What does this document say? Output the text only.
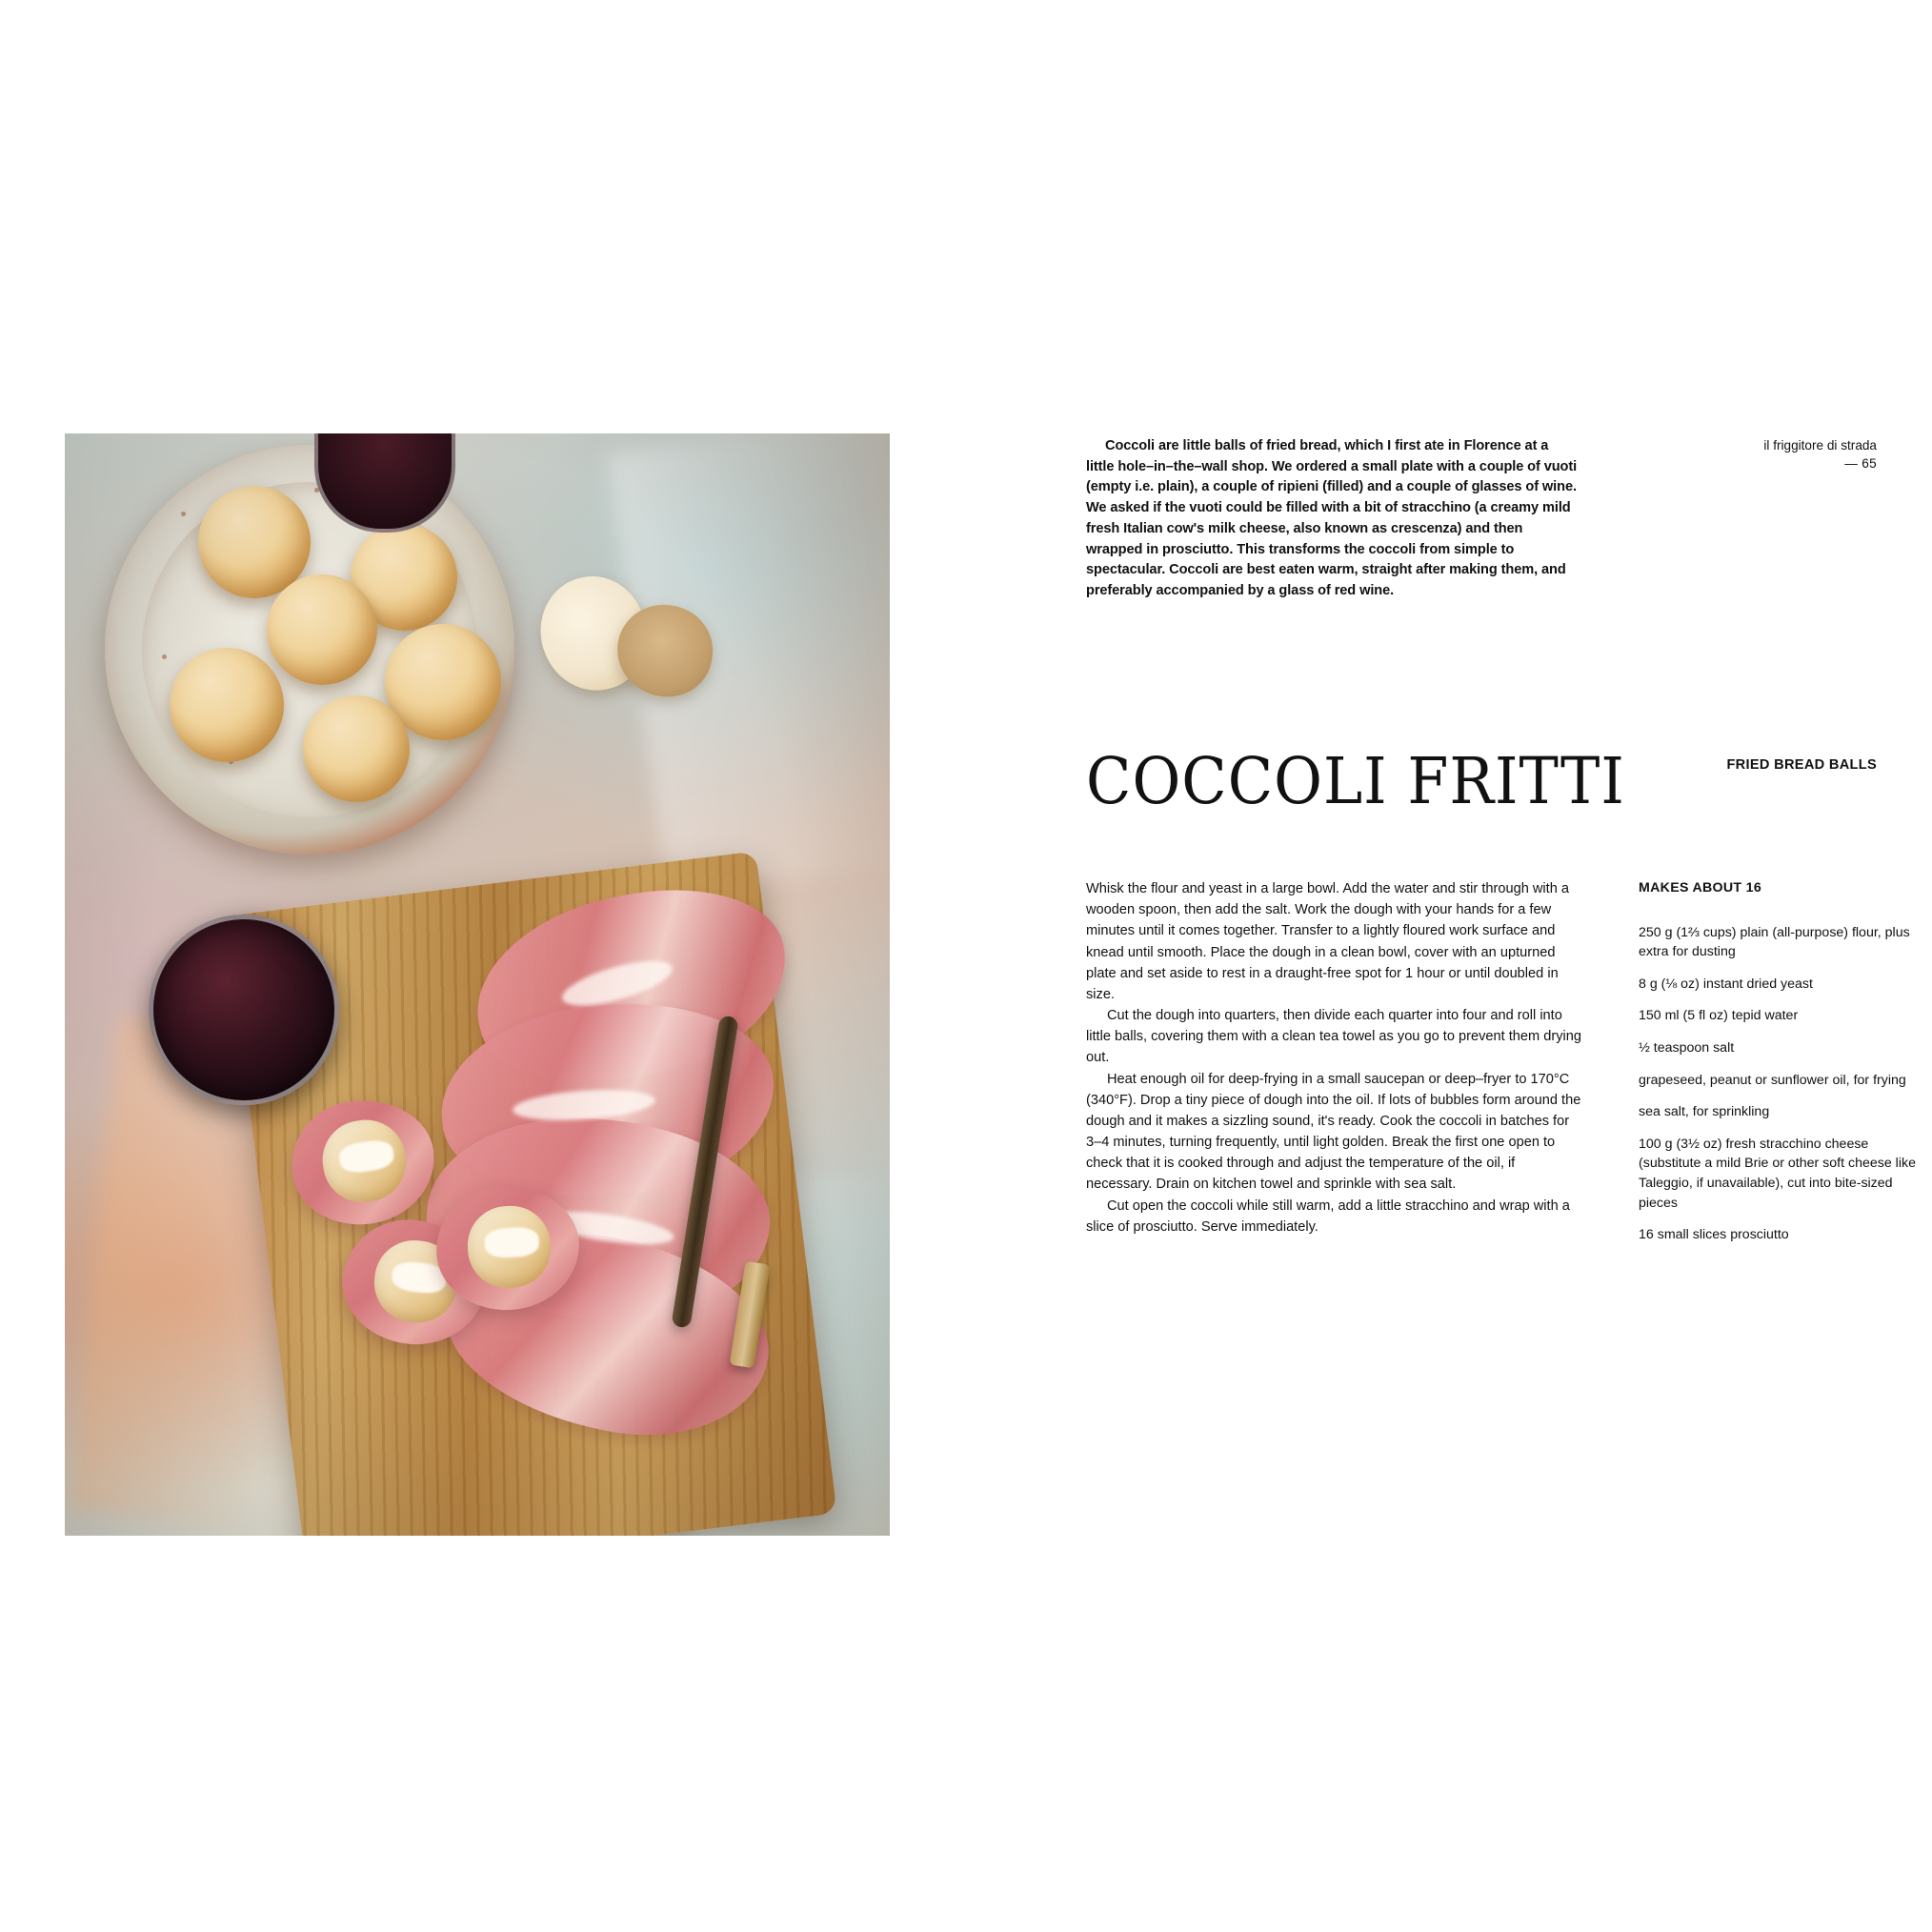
il friggitore di strada
— 65
Coccoli are little balls of fried bread, which I first ate in Florence at a little hole–in–the–wall shop. We ordered a small plate with a couple of vuoti (empty i.e. plain), a couple of ripieni (filled) and a couple of glasses of wine. We asked if the vuoti could be filled with a bit of stracchino (a creamy mild fresh Italian cow's milk cheese, also known as crescenza) and then wrapped in prosciutto. This transforms the coccoli from simple to spectacular. Coccoli are best eaten warm, straight after making them, and preferably accompanied by a glass of red wine.
COCCOLI FRITTI	FRIED BREAD BALLS

Whisk the flour and yeast in a large bowl. Add the water and stir through with a wooden spoon, then add the salt. Work the dough with your hands for a few minutes until it comes together. Transfer to a lightly floured work surface and knead until smooth. Place the dough in a clean bowl, cover with an upturned plate and set aside to rest in a draught-free spot for 1 hour or until doubled in size.

Cut the dough into quarters, then divide each quarter into four and roll into little balls, covering them with a clean tea towel as you go to prevent them drying out.

Heat enough oil for deep-frying in a small saucepan or deep–fryer to 170°C (340°F). Drop a tiny piece of dough into the oil. If lots of bubbles form around the dough and it makes a sizzling sound, it's ready. Cook the coccoli in batches for 3–4 minutes, turning frequently, until light golden. Break the first one open to check that it is cooked through and adjust the temperature of the oil, if necessary. Drain on kitchen towel and sprinkle with sea salt.

Cut open the coccoli while still warm, add a little stracchino and wrap with a slice of prosciutto. Serve immediately.

MAKES ABOUT 16
250 g (1⅔ cups) plain (all-purpose) flour, plus extra for dusting
8 g (⅛ oz) instant dried yeast
150 ml (5 fl oz) tepid water
½ teaspoon salt
grapeseed, peanut or sunflower oil, for frying
sea salt, for sprinkling
100 g (3½ oz) fresh stracchino cheese (substitute a mild Brie or other soft cheese like Taleggio, if unavailable), cut into bite-sized pieces
16 small slices prosciutto
